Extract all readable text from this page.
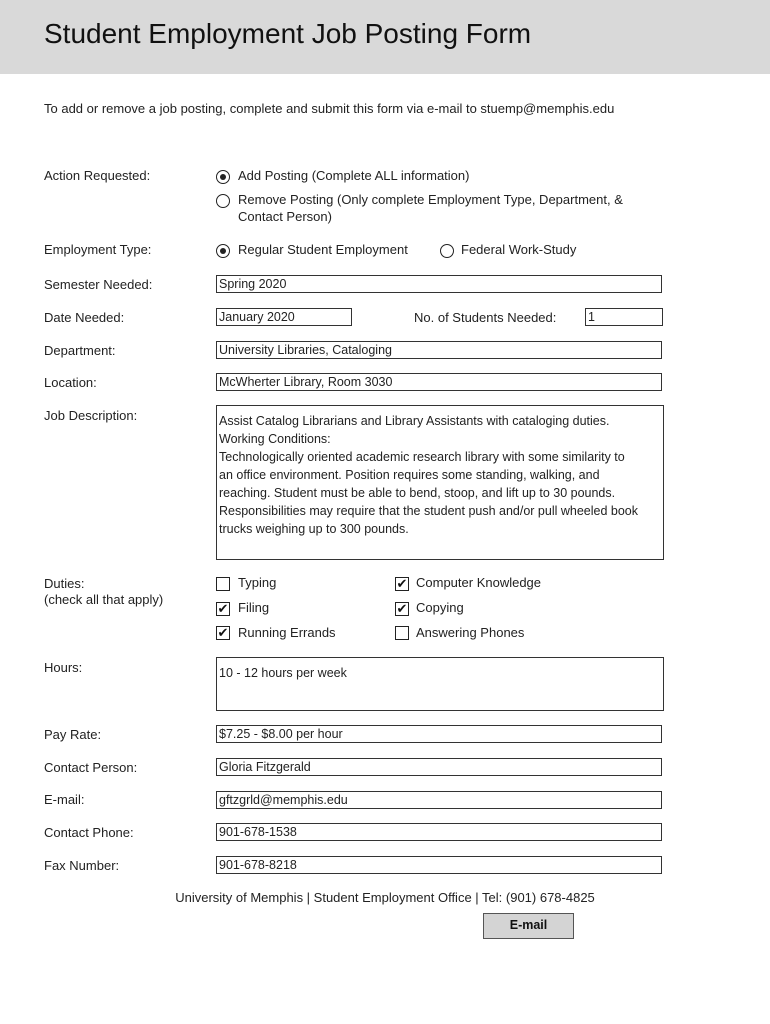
Student Employment Job Posting Form
To add or remove a job posting, complete and submit this form via e-mail to stuemp@memphis.edu
Action Requested:	Add Posting (Complete ALL information)
Remove Posting (Only complete Employment Type, Department, &
Contact Person)
Employment Type:	Regular Student Employment	Federal Work-Study
Semester Needed:	Spring 2020
Date Needed:	January 2020	No. of Students Needed:	1
Department:	University Libraries, Cataloging
Location:	McWherter Library, Room 3030
Job Description:	Assist Catalog Librarians and Library Assistants with cataloging duties.
Working Conditions:
Technologically oriented academic research library with some similarity to
an office environment. Position requires some standing, walking, and
reaching. Student must be able to bend, stoop, and lift up to 30 pounds.
Responsibilities may require that the student push and/or pull wheeled book
trucks weighing up to 300 pounds.
Duties:
(check all that apply)
Typing	✔ Computer Knowledge
✔ Filing	✔ Copying
✔ Running Errands	Answering Phones
Hours:	10 - 12 hours per week
Pay Rate:	$7.25 - $8.00 per hour
Contact Person:	Gloria Fitzgerald
E-mail:	gftzgrld@memphis.edu
Contact Phone:	901-678-1538
Fax Number:	901-678-8218
University of Memphis | Student Employment Office | Tel: (901) 678-4825
E-mail
